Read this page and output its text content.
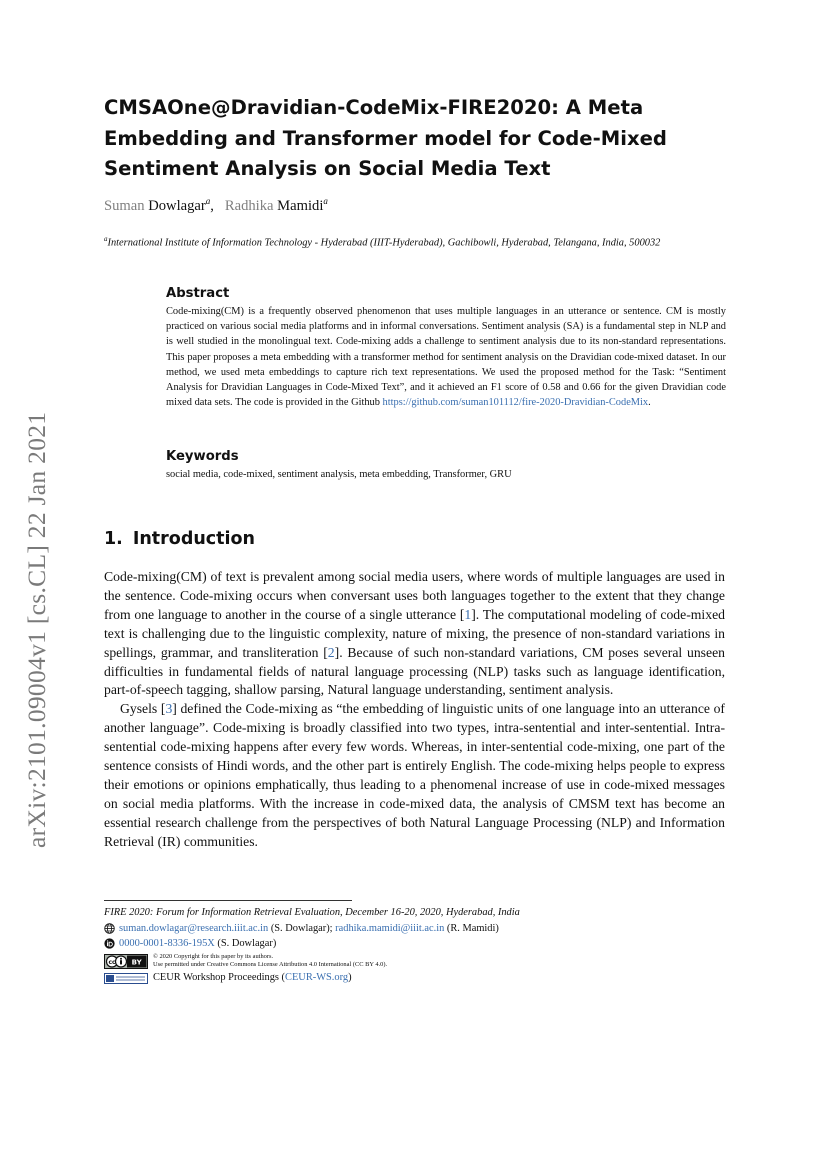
arXiv:2101.09004v1 [cs.CL] 22 Jan 2021
CMSAOne@Dravidian-CodeMix-FIRE2020: A Meta Embedding and Transformer model for Code-Mixed Sentiment Analysis on Social Media Text
Suman Dowlagar$^a$, Radhika Mamidi$^a$
$^a$International Institute of Information Technology - Hyderabad (IIIT-Hyderabad), Gachibowli, Hyderabad, Telangana, India, 500032
Abstract

Code-mixing(CM) is a frequently observed phenomenon that uses multiple languages in an utterance or sentence. CM is mostly practiced on various social media platforms and in informal conversations. Sentiment analysis (SA) is a fundamental step in NLP and is well studied in the monolingual text. Code-mixing adds a challenge to sentiment analysis due to its non-standard representations. This paper proposes a meta embedding with a transformer method for sentiment analysis on the Dravidian code-mixed dataset. In our method, we used meta embeddings to capture rich text representations. We used the proposed method for the Task: “Sentiment Analysis for Dravidian Languages in Code-Mixed Text”, and it achieved an F1 score of 0.58 and 0.66 for the given Dravidian code mixed data sets. The code is provided in the Github https://github.com/suman101112/fire-2020-Dravidian-CodeMix.

Keywords

social media, code-mixed, sentiment analysis, meta embedding, Transformer, GRU

1. Introduction

Code-mixing(CM) of text is prevalent among social media users, where words of multiple languages are used in the sentence. Code-mixing occurs when conversant uses both languages together to the extent that they change from one language to another in the course of a single utterance [1]. The computational modeling of code-mixed text is challenging due to the linguistic complexity, nature of mixing, the presence of non-standard variations in spellings, grammar, and transliteration [2]. Because of such non-standard variations, CM poses several unseen difficulties in fundamental fields of natural language processing (NLP) tasks such as language identification, part-of-speech tagging, shallow parsing, Natural language understanding, sentiment analysis.

Gysels [3] defined the Code-mixing as “the embedding of linguistic units of one language into an utterance of another language”. Code-mixing is broadly classified into two types, intra-sentential and inter-sentential. Intra-sentential code-mixing happens after every few words. Whereas, in inter-sentential code-mixing, one part of the sentence consists of Hindi words, and the other part is entirely English. The code-mixing helps people to express their emotions or opinions emphatically, thus leading to a phenomenal increase of use in code-mixed messages on social media platforms. With the increase in code-mixed data, the analysis of CMSM text has become an essential research challenge from the perspectives of both Natural Language Processing (NLP) and Information Retrieval (IR) communities.

FIRE 2020: Forum for Information Retrieval Evaluation, December 16-20, 2020, Hyderabad, India
suman.dowlagar@research.iiit.ac.in (S. Dowlagar); radhika.mamidi@iiit.ac.in (R. Mamidi)
0000-0001-8336-195X (S. Dowlagar)
cc BY
© 2020 Copyright for this paper by its authors.
Use permitted under Creative Commons License Attribution 4.0 International (CC BY 4.0).
CEUR Workshop Proceedings ( CEUR-WS.org )
